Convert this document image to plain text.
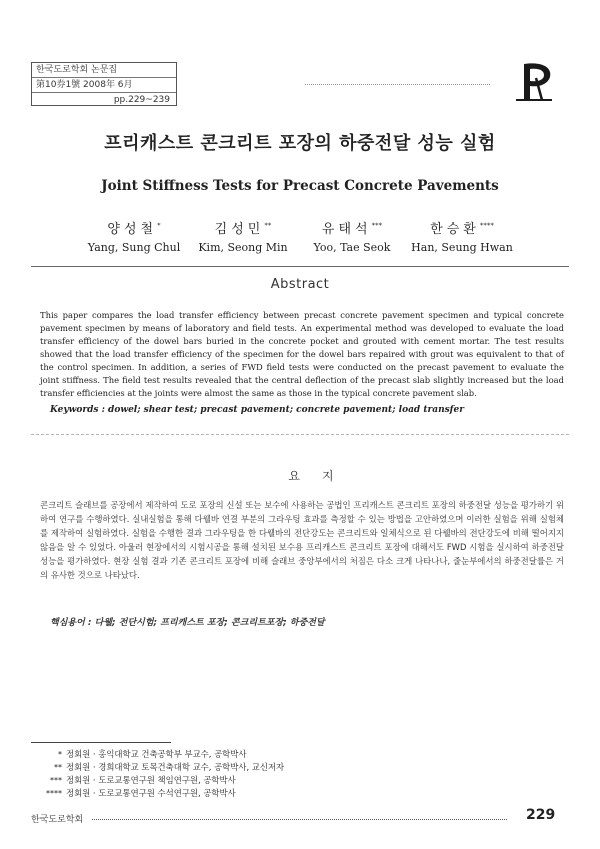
한국도로학회 논문집
第10券1號 2008年 6月
pp.229~239
프리캐스트 콘크리트 포장의 하중전달 성능 실험
Joint Stiffness Tests for Precast Concrete Pavements
양성철*
Yang, Sung Chul
김성민**
Kim, Seong Min
유태석***
Yoo, Tae Seok
한승환****
Han, Seung Hwan
Abstract
This paper compares the load transfer efficiency between precast concrete pavement specimen and typical concrete pavement specimen by means of laboratory and field tests. An experimental method was developed to evaluate the load transfer efficiency of the dowel bars buried in the concrete pocket and grouted with cement mortar. The test results showed that the load transfer efficiency of the specimen for the dowel bars repaired with grout was equivalent to that of the control specimen. In addition, a series of FWD field tests were conducted on the precast pavement to evaluate the joint stiffness. The field test results revealed that the central deflection of the precast slab slightly increased but the load transfer efficiencies at the joints were almost the same as those in the typical concrete pavement slab.
Keywords : dowel; shear test; precast pavement; concrete pavement; load transfer
요지
콘크리트 슬래브를 공장에서 제작하여 도로 포장의 신설 또는 보수에 사용하는 공법인 프리캐스트 콘크리트 포장의 하중전달 성능을 평가하기 위하여 연구를 수행하였다. 실내실험을 통해 다웰바 연결 부분의 그라우팅 효과를 측정할 수 있는 방법을 고안하였으며 이러한 실험을 위해 실험체를 제작하여 실험하였다. 실험을 수행한 결과 그라우팅을 한 다웰바의 전단강도는 콘크리트와 일체식으로 된 다웰바의 전단강도에 비해 떨어지지 않음을 알 수 있었다. 아울러 현장에서의 시험시공을 통해 설치된 보수용 프리캐스트 콘크리트 포장에 대해서도 FWD 시험을 실시하여 하중전달 성능을 평가하였다. 현장 실험 결과 기존 콘크리트 포장에 비해 슬래브 중앙부에서의 처짐은 다소 크게 나타나나, 줄눈부에서의 하중전달률은 거의 유사한 것으로 나타났다.
핵심용어 : 다웰; 전단시험; 프리캐스트 포장; 콘크리트포장; 하중전달
* 정회원 · 홍익대학교 건축공학부 부교수, 공학박사
** 정회원 · 경희대학교 토목건축대학 교수, 공학박사, 교신저자
*** 정회원 · 도로교통연구원 책임연구원, 공학박사
**** 정회원 · 도로교통연구원 수석연구원, 공학박사
한국도로학회	229
